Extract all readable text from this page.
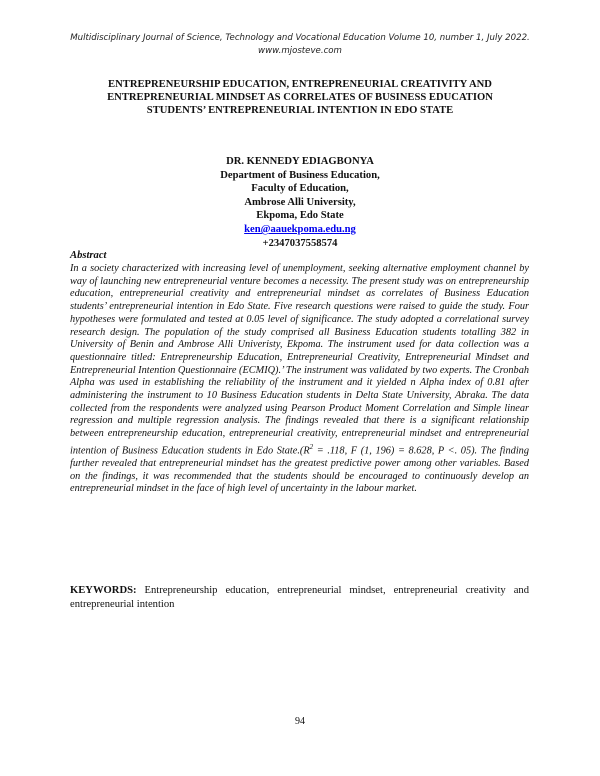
Multidisciplinary Journal of Science, Technology and Vocational Education Volume 10, number 1, July 2022.
www.mjosteve.com
ENTREPRENEURSHIP EDUCATION, ENTREPRENEURIAL CREATIVITY AND
ENTREPRENEURIAL MINDSET AS CORRELATES OF BUSINESS EDUCATION
STUDENTS’ ENTREPRENEURIAL INTENTION IN EDO STATE
DR. KENNEDY EDIAGBONYA
Department of Business Education,
Faculty of Education,
Ambrose Alli University,
Ekpoma, Edo State
ken@aauekpoma.edu.ng
+2347037558574
Abstract
In a society characterized with increasing level of unemployment, seeking alternative employment channel by way of launching new entrepreneurial venture becomes a necessity. The present study was on entrepreneurship education, entrepreneurial creativity and entrepreneurial mindset as correlates of Business Education students’ entrepreneurial intention in Edo State. Five research questions were raised to guide the study. Four hypotheses were formulated and tested at 0.05 level of significance. The study adopted a correlational survey research design. The population of the study comprised all Business Education students totalling 382 in University of Benin and Ambrose Alli Univeristy, Ekpoma. The instrument used for data collection was a questionnaire titled: Entrepreneurship Education, Entrepreneurial Creativity, Entrepreneurial Mindset and Entrepreneurial Intention Questionnaire (ECMIQ).’ The instrument was validated by two experts. The Cronbah Alpha was used in establishing the reliability of the instrument and it yielded n Alpha index of 0.81 after administering the instrument to 10 Business Education students in Delta State University, Abraka. The data collected from the respondents were analyzed using Pearson Product Moment Correlation and Simple linear regression and multiple regression analysis. The findings revealed that there is a significant relationship between entrepreneurship education, entrepreneurial creativity, entrepreneurial mindset and entrepreneurial intention of Business Education students in Edo $State.(R^2 = .118$, F (1, 196) = 8.628, P <. 05). The finding further revealed that entrepreneurial mindset has the greatest predictive power among other variables. Based on the findings, it was recommended that the students should be encouraged to continuously develop an entrepreneurial mindset in the face of high level of uncertainty in the labour market.
KEYWORDS: Entrepreneurship education, entrepreneurial mindset, entrepreneurial creativity and entrepreneurial intention
94
